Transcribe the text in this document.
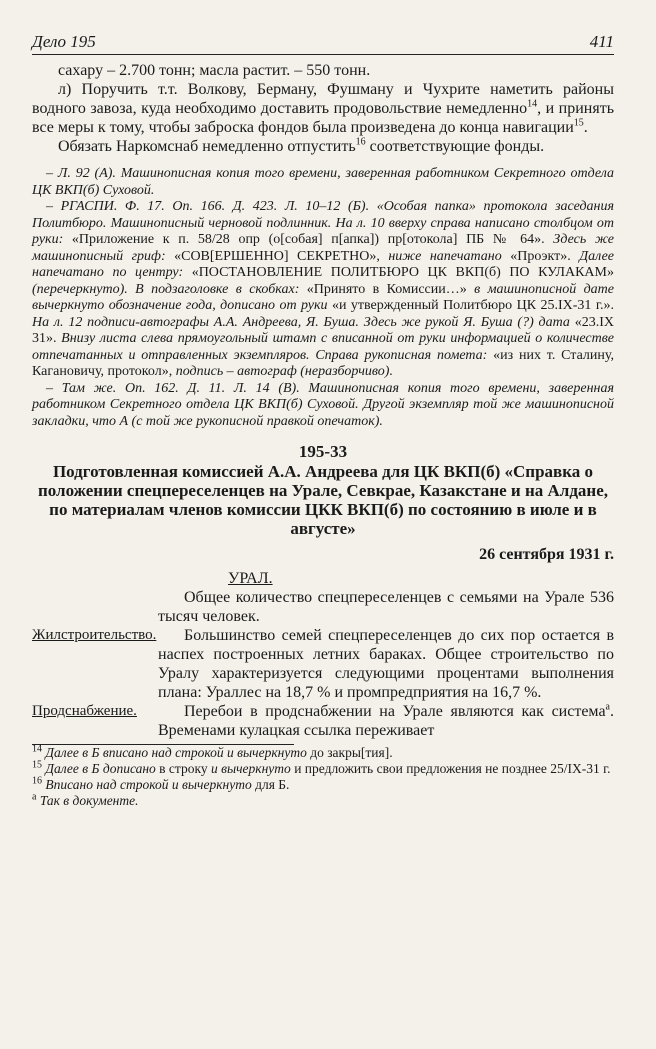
Дело 195	411

сахару – 2.700 тонн; масла растит. – 550 тонн.

л) Поручить т.т. Волкову, Берману, Фушману и Чухрите наметить районы водного завоза, куда необходимо доставить продовольствие немедленно$^{14}$, и принять все меры к тому, чтобы заброска фондов была произведена до конца навигации$^{15}$.

Обязать Наркомснаб немедленно отпустить$^{16}$ соответствующие фонды.

– Л. 92 (А). Машинописная копия того времени, заверенная работником Секретного отдела ЦК ВКП(б) Суховой.

– РГАСПИ. Ф. 17. Оп. 166. Д. 423. Л. 10–12 (Б). «Особая папка» протокола заседания Политбюро. Машинописный черновой подлинник. На л. 10 вверху справа написано столбцом от руки: «Приложение к п. 58/28 опр (о[собая] п[апка]) пр[отокола] ПБ № 64». Здесь же машинописный гриф: «СОВ[ЕРШЕННО] СЕКРЕТНО», ниже напечатано «Проэкт». Далее напечатано по центру: «ПОСТАНОВЛЕНИЕ ПОЛИТБЮРО ЦК ВКП(б) ПО КУЛАКАМ» (перечеркнуто). В подзаголовке в скобках: «Принято в Комиссии…» в машинописной дате вычеркнуто обозначение года, дописано от руки «и утвержденный Политбюро ЦК 25.IX-31 г.». На л. 12 подписи-автографы А.А. Андреева, Я. Буша. Здесь же рукой Я. Буша (?) дата «23.IX 31». Внизу листа слева прямоугольный штамп с вписанной от руки информацией о количестве отпечатанных и отправленных экземпляров. Справа рукописная помета: «из них т. Сталину, Кагановичу, протокол», подпись – автограф (неразборчиво).

– Там же. Оп. 162. Д. 11. Л. 14 (В). Машинописная копия того времени, заверенная работником Секретного отдела ЦК ВКП(б) Суховой. Другой экземпляр той же машинописной закладки, что А (с той же рукописной правкой опечаток).

195-33
Подготовленная комиссией А.А. Андреева для ЦК ВКП(б) «Справка о положении спецпереселенцев на Урале, Севкрае, Казакстане и на Алдане, по материалам членов комиссии ЦКК ВКП(б) по состоянию в июле и в августе»
26 сентября 1931 г.
УРАЛ.

Общее количество спецпереселенцев с семьями на Урале 536 тысяч человек.

Жилстроительство.	Большинство семей спецпереселенцев до сих пор остается в наспех построенных летних бараках. Общее строительство по Уралу характеризуется следующими процентами выполнения плана: Ураллес на 18,7 % и промпредприятия на 16,7 %.

Продснабжение.	Перебои в продснабжении на Урале являются как система$^а$. Временами кулацкая ссылка переживает

$^{14}$ Далее в Б вписано над строкой и вычеркнуто до закры[тия].

$^{15}$ Далее в Б дописано в строку и вычеркнуто и предложить свои предложения не позднее 25/IX-31 г.

$^{16}$ Вписано над строкой и вычеркнуто для Б.

$^а$ Так в документе.
